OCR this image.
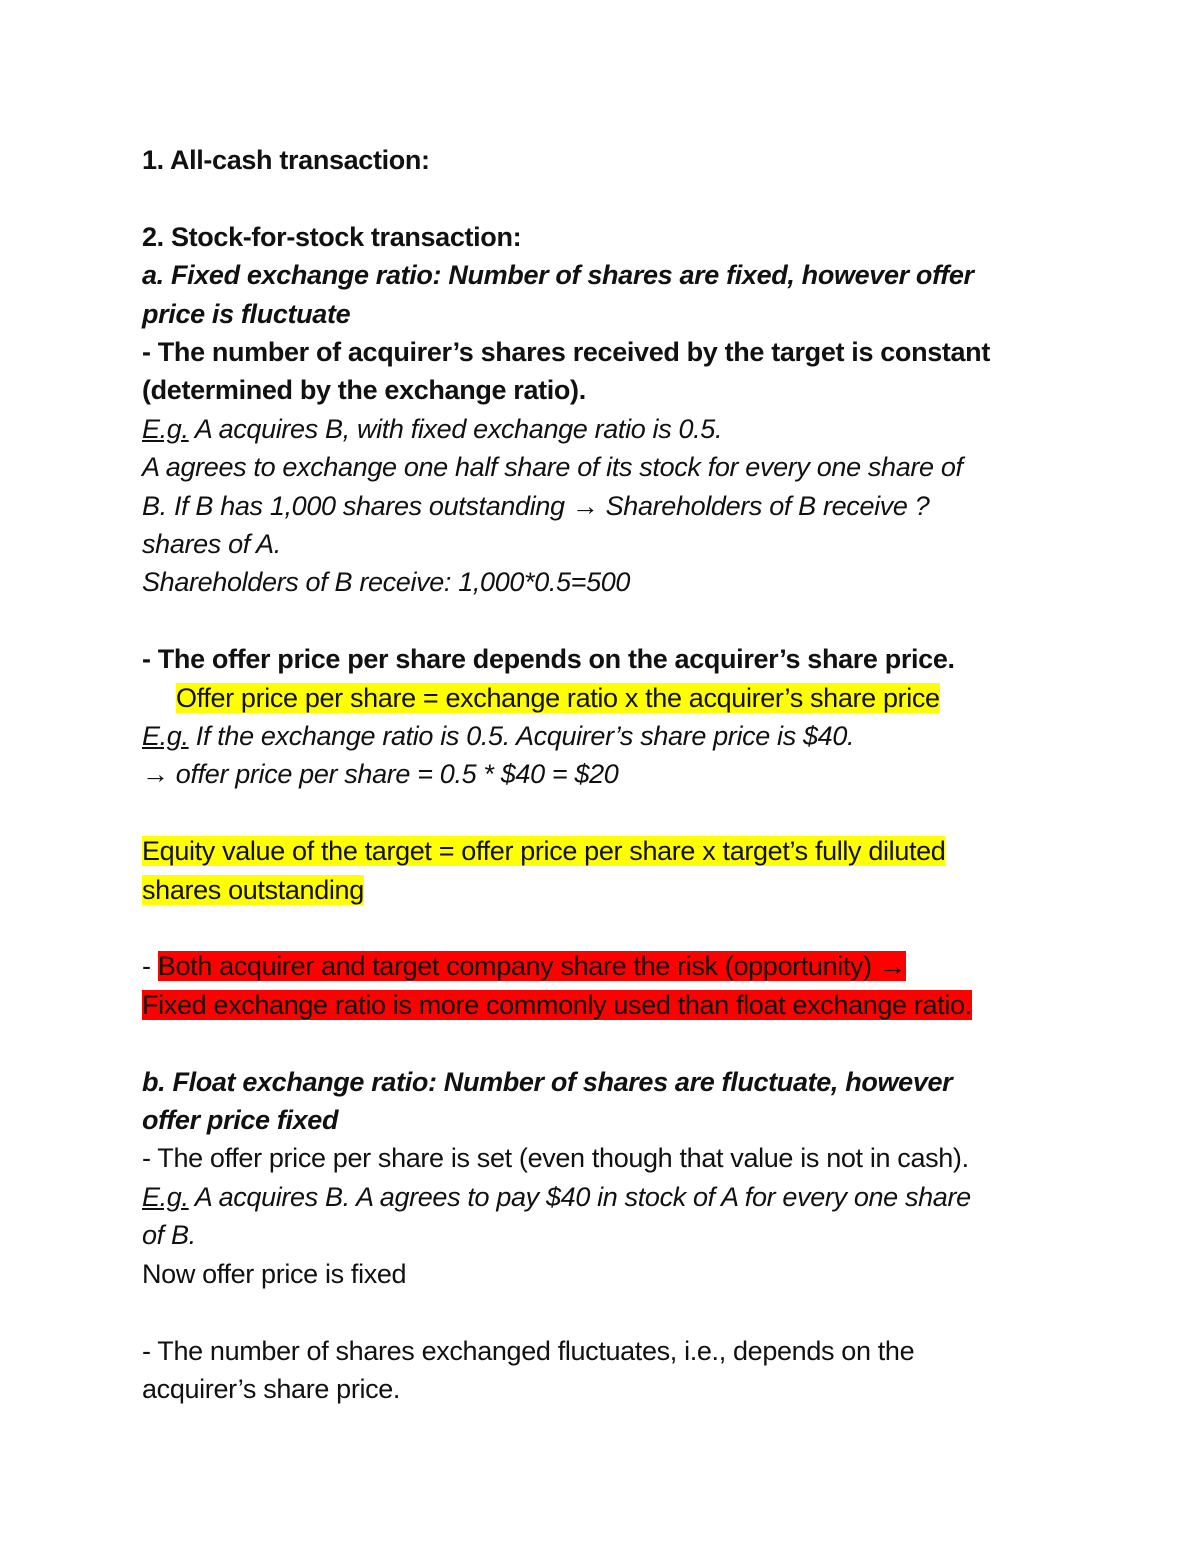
1. All-cash transaction:
2. Stock-for-stock transaction:
a. Fixed exchange ratio: Number of shares are fixed, however offer
price is fluctuate
- The number of acquirer’s shares received by the target is constant
(determined by the exchange ratio).
E.g. A acquires B, with fixed exchange ratio is 0.5.
A agrees to exchange one half share of its stock for every one share of
B. If B has 1,000 shares outstanding → Shareholders of B receive ?
shares of A.
Shareholders of B receive: 1,000*0.5=500
- The offer price per share depends on the acquirer’s share price.
Offer price per share = exchange ratio x the acquirer’s share price
E.g. If the exchange ratio is 0.5. Acquirer’s share price is $40.
→ offer price per share = 0.5 * $40 = $20
Equity value of the target = offer price per share x target’s fully diluted
shares outstanding
- Both acquirer and target company share the risk (opportunity) →
Fixed exchange ratio is more commonly used than float exchange ratio.
b. Float exchange ratio: Number of shares are fluctuate, however
offer price fixed
- The offer price per share is set (even though that value is not in cash).
E.g. A acquires B. A agrees to pay $40 in stock of A for every one share
of B.
Now offer price is fixed
- The number of shares exchanged fluctuates, i.e., depends on the
acquirer’s share price.
